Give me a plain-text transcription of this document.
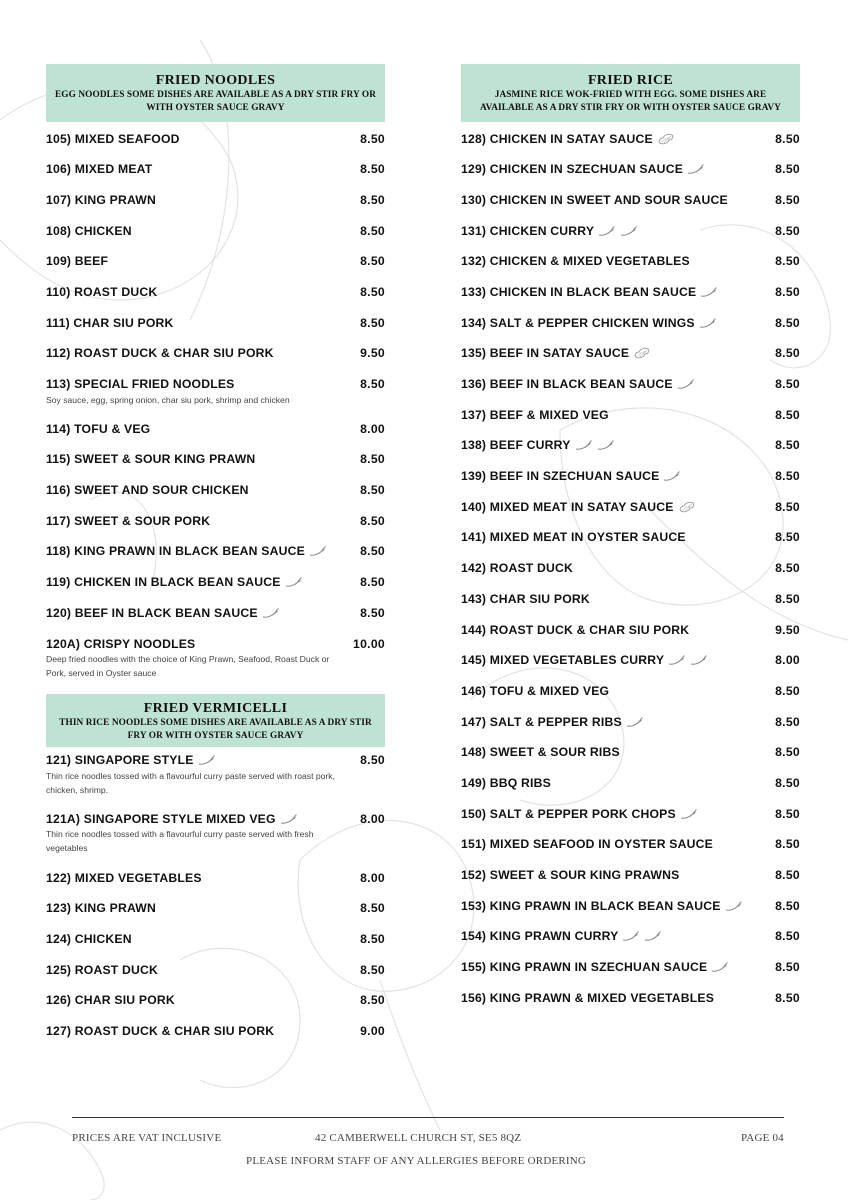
FRIED NOODLES
EGG NOODLES SOME DISHES ARE AVAILABLE AS A DRY STIR FRY OR WITH OYSTER SAUCE GRAVY
105) MIXED SEAFOOD	8.50
106) MIXED MEAT	8.50
107) KING PRAWN	8.50
108) CHICKEN	8.50
109) BEEF	8.50
110) ROAST DUCK	8.50
111) CHAR SIU PORK	8.50
112) ROAST DUCK & CHAR SIU PORK	9.50
113) SPECIAL FRIED NOODLES	8.50
Soy sauce, egg, spring onion, char siu pork, shrimp and chicken
114) TOFU & VEG	8.00
115) SWEET & SOUR KING PRAWN	8.50
116) SWEET AND SOUR CHICKEN	8.50
117) SWEET & SOUR PORK	8.50
118) KING PRAWN IN BLACK BEAN SAUCE	8.50
119) CHICKEN IN BLACK BEAN SAUCE	8.50
120) BEEF IN BLACK BEAN SAUCE	8.50
120A) CRISPY NOODLES	10.00
Deep fried noodles with the choice of King Prawn, Seafood, Roast Duck or Pork, served in Oyster sauce
FRIED VERMICELLI
THIN RICE NOODLES SOME DISHES ARE AVAILABLE AS A DRY STIR FRY OR WITH OYSTER SAUCE GRAVY
121) SINGAPORE STYLE	8.50
Thin rice noodles tossed with a flavourful curry paste served with roast pork, chicken, shrimp.
121A) SINGAPORE STYLE MIXED VEG	8.00
Thin rice noodles tossed with a flavourful curry paste served with fresh vegetables
122) MIXED VEGETABLES	8.00
123) KING PRAWN	8.50
124) CHICKEN	8.50
125) ROAST DUCK	8.50
126) CHAR SIU PORK	8.50
127) ROAST DUCK & CHAR SIU PORK	9.00
FRIED RICE
JASMINE RICE WOK-FRIED WITH EGG. SOME DISHES ARE AVAILABLE AS A DRY STIR FRY OR WITH OYSTER SAUCE GRAVY
128) CHICKEN IN SATAY SAUCE	8.50
129) CHICKEN IN SZECHUAN SAUCE	8.50
130) CHICKEN IN SWEET AND SOUR SAUCE	8.50
131) CHICKEN CURRY	8.50
132) CHICKEN & MIXED VEGETABLES	8.50
133) CHICKEN IN BLACK BEAN SAUCE	8.50
134) SALT & PEPPER CHICKEN WINGS	8.50
135) BEEF IN SATAY SAUCE	8.50
136) BEEF IN BLACK BEAN SAUCE	8.50
137) BEEF & MIXED VEG	8.50
138) BEEF CURRY	8.50
139) BEEF IN SZECHUAN SAUCE	8.50
140) MIXED MEAT IN SATAY SAUCE	8.50
141) MIXED MEAT IN OYSTER SAUCE	8.50
142) ROAST DUCK	8.50
143) CHAR SIU PORK	8.50
144) ROAST DUCK & CHAR SIU PORK	9.50
145) MIXED VEGETABLES CURRY	8.00
146) TOFU & MIXED VEG	8.50
147) SALT & PEPPER RIBS	8.50
148) SWEET & SOUR RIBS	8.50
149) BBQ RIBS	8.50
150) SALT & PEPPER PORK CHOPS	8.50
151) MIXED SEAFOOD IN OYSTER SAUCE	8.50
152) SWEET & SOUR KING PRAWNS	8.50
153) KING PRAWN IN BLACK BEAN SAUCE	8.50
154) KING PRAWN CURRY	8.50
155) KING PRAWN IN SZECHUAN SAUCE	8.50
156) KING PRAWN & MIXED VEGETABLES	8.50
PRICES ARE VAT INCLUSIVE	42 CAMBERWELL CHURCH ST, SE5 8QZ	PAGE 04
PLEASE INFORM STAFF OF ANY ALLERGIES BEFORE ORDERING
